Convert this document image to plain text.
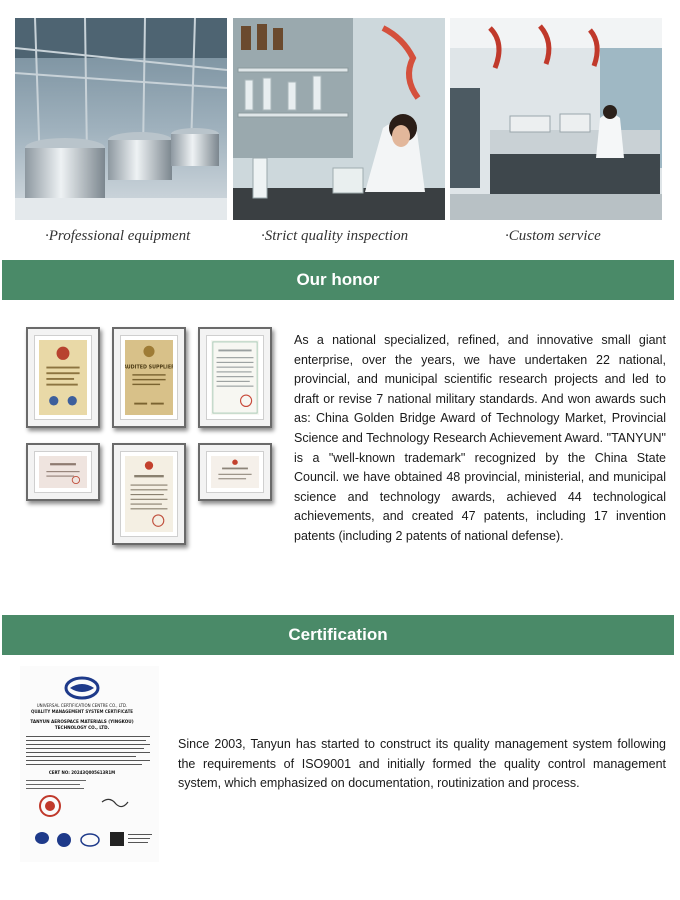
·Professional equipment	·Strict quality inspection	·Custom service
Our honor
AUDITED SUPPLIER
As a national specialized, refined, and innovative small giant enterprise, over the years, we have undertaken 22 national, provincial, and municipal scientific research projects and led to draft or revise 7 national military standards. And won awards such as: China Golden Bridge Award of Technology Market, Provincial Science and Technology Research Achievement Award. "TANYUN" is a "well-known trademark" recognized by the China State Council. we have obtained 48 provincial, ministerial, and municipal science and technology awards, achieved 44 technological achievements, and created 47 patents, including 17 invention patents (including 2 patents of national defense).
Certification
UNIVERSAL CERTIFICATION CENTRE CO., LTD.
QUALITY MANAGEMENT SYSTEM CERTIFICATE
TANYUN AEROSPACE MATERIALS (YINGKOU)
TECHNOLOGY CO., LTD.
CERT NO: 20243Q005613R1M
Since 2003, Tanyun has started to construct its quality management system following the requirements of ISO9001 and initially formed the quality control management system, which emphasized on documentation, routinization and process.
